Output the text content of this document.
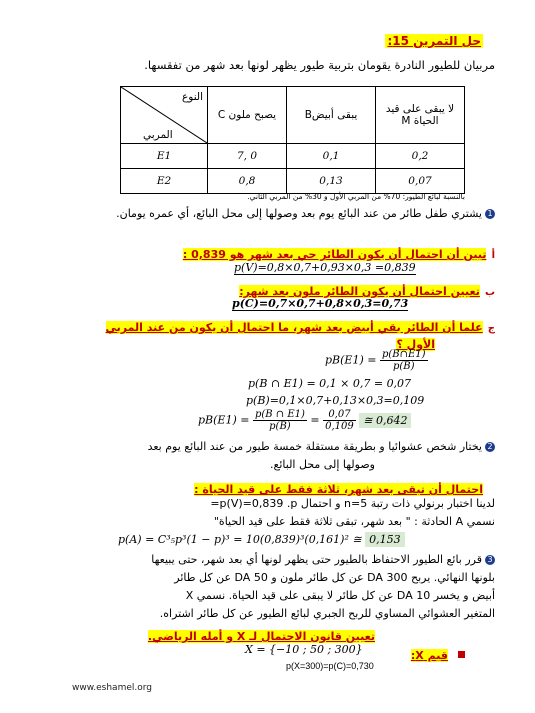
حل التمرين 15:
مربيان للطيور النادرة يقومان بتربية طيور يظهر لونها بعد شهر من تفقسها.
لا يبقى على قيد الحياة M	يبقى أبيضB	يصبح ملون C	النوع
المربي

0,2	0,1	0 ,7	E1
0,07	0,13	0,8	E2
بالنسبة لبائع الطيور: 70% من المربي الأول و 30% من المربي الثاني.
1يشتري طفل طائر من عند البائع يوم بعد وصولها إلى محل البائع، أي عمره يومان.
أ تبين أن احتمال أن يكون الطائر حي بعد شهر هو 0,839 :
p(V)=0,8×0,7+0,93×0,3 =0,839
ب تعيين احتمال أن يكون الطائر ملون بعد شهر:
p(C)=0,7×0,7+0,8×0,3=0,73
ج علما أن الطائر بقي أبيض بعد شهر، ما احتمال أن يكون من عند المربي
الأول ؟
$pB(E1) = \frac{p(B\cap E1)}{p(B)}$
p(B ∩ E1) = 0,1 × 0,7 = 0,07
p(B)=0,1×0,7+0,13×0,3=0,109
$pB(E1) = \frac{p(B \cap E1)}{p(B)} = \frac{0,07}{0,109}$ ≅ 0,642
2يختار شخص عشوائيا و بطريقة مستقلة خمسة طيور من عند البائع يوم بعد
وصولها إلى محل البائع.
احتمال أن تبقى بعد شهر، ثلاثة فقط على قيد الحياة :
لدينا اختبار برنولي ذات رتبة n=5 و احتمال p(V)=0,839 .p=
نسمي A الحادثة : " بعد شهر، تبقى ثلاثة فقط على قيد الحياة"
p(A) = C³₅p³(1 − p)³ = 10(0,839)³(0,161)² ≅ 0,153
3قرر بائع الطيور الاحتفاظ بالطيور حتى يظهر لونها أي بعد شهر، حتى يبيعها
بلونها النهائي. يربح 300 DA عن كل طائر ملون و 50 DA عن كل طائر
أبيض و يخسر 10 DA عن كل طائر لا يبقى على قيد الحياة. نسمي X
المتغير العشوائي المساوي للربح الجبري لبائع الطيور عن كل طائر اشتراه.
تعيين قانون الاحتمال لـ X و أمله الرياضي.
قيم X:
X = {−10 ; 50 ; 300}
p(X=300)=p(C)=0,730
www.eshamel.org
